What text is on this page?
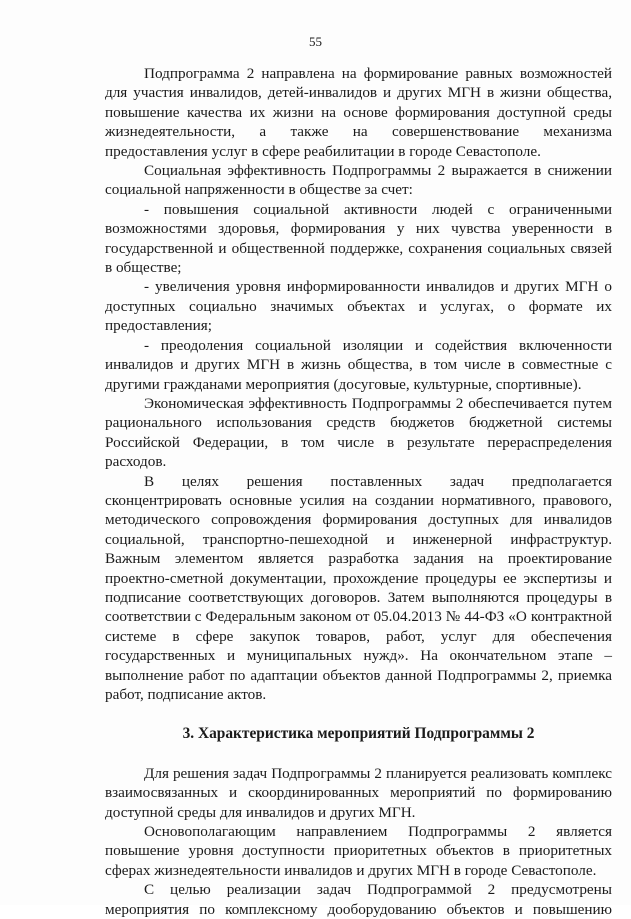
55

Подпрограмма 2 направлена на формирование равных возможностей для участия инвалидов, детей-инвалидов и других МГН в жизни общества, повышение качества их жизни на основе формирования доступной среды жизнедеятельности, а также на совершенствование механизма предоставления услуг в сфере реабилитации в городе Севастополе.

Социальная эффективность Подпрограммы 2 выражается в снижении социальной напряженности в обществе за счет:

- повышения социальной активности людей с ограниченными возможностями здоровья, формирования у них чувства уверенности в государственной и общественной поддержке, сохранения социальных связей в обществе;

- увеличения уровня информированности инвалидов и других МГН о доступных социально значимых объектах и услугах, о формате их предоставления;

- преодоления социальной изоляции и содействия включенности инвалидов и других МГН в жизнь общества, в том числе в совместные с другими гражданами мероприятия (досуговые, культурные, спортивные).

Экономическая эффективность Подпрограммы 2 обеспечивается путем рационального использования средств бюджетов бюджетной системы Российской Федерации, в том числе в результате перераспределения расходов.

В целях решения поставленных задач предполагается сконцентрировать основные усилия на создании нормативного, правового, методического сопровождения формирования доступных для инвалидов социальной, транспортно-пешеходной и инженерной инфраструктур. Важным элементом является разработка задания на проектирование проектно-сметной документации, прохождение процедуры ее экспертизы и подписание соответствующих договоров. Затем выполняются процедуры в соответствии с Федеральным законом от 05.04.2013 № 44-ФЗ «О контрактной системе в сфере закупок товаров, работ, услуг для обеспечения государственных и муниципальных нужд». На окончательном этапе – выполнение работ по адаптации объектов данной Подпрограммы 2, приемка работ, подписание актов.

3. Характеристика мероприятий Подпрограммы 2

Для решения задач Подпрограммы 2 планируется реализовать комплекс взаимосвязанных и скоординированных мероприятий по формированию доступной среды для инвалидов и других МГН.

Основополагающим направлением Подпрограммы 2 является повышение уровня доступности приоритетных объектов в приоритетных сферах жизнедеятельности инвалидов и других МГН в городе Севастополе.

С целью реализации задач Подпрограммой 2 предусмотрены мероприятия по комплексному дооборудованию объектов и повышению
